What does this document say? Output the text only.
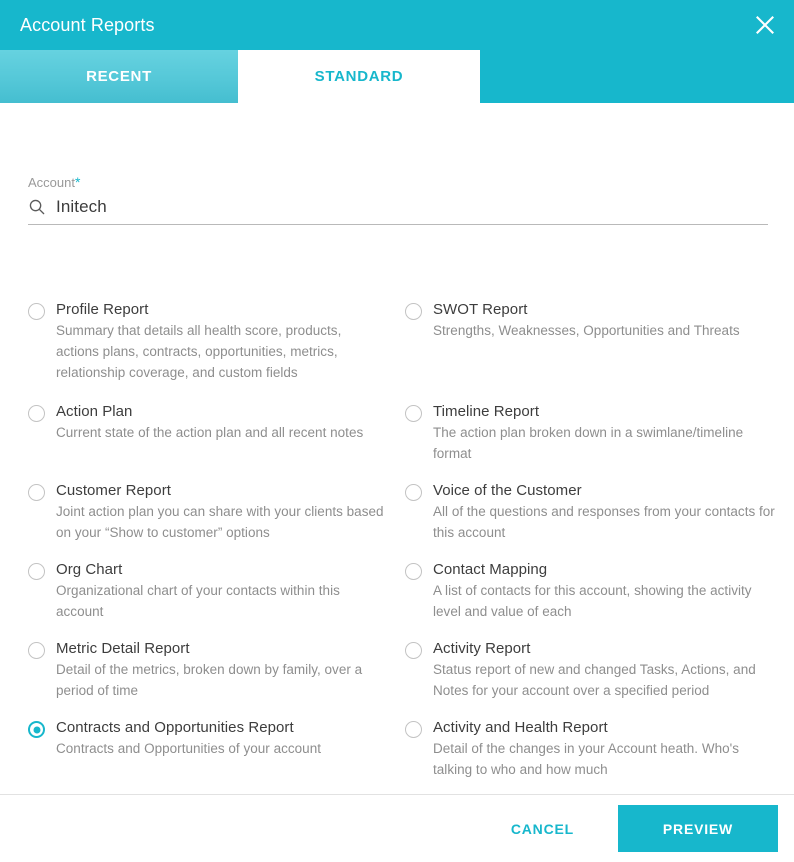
Account Reports
RECENT	STANDARD
Account*
Initech
Profile Report
Summary that details all health score, products, actions plans, contracts, opportunities, metrics, relationship coverage, and custom fields
Action Plan
Current state of the action plan and all recent notes
Customer Report
Joint action plan you can share with your clients based on your “Show to customer” options
Org Chart
Organizational chart of your contacts within this account
Metric Detail Report
Detail of the metrics, broken down by family, over a period of time
Contracts and Opportunities Report
Contracts and Opportunities of your account
SWOT Report
Strengths, Weaknesses, Opportunities and Threats
Timeline Report
The action plan broken down in a swimlane/timeline format
Voice of the Customer
All of the questions and responses from your contacts for this account
Contact Mapping
A list of contacts for this account, showing the activity level and value of each
Activity Report
Status report of new and changed Tasks, Actions, and Notes for your account over a specified period
Activity and Health Report
Detail of the changes in your Account heath. Who's talking to who and how much
CANCEL	PREVIEW
